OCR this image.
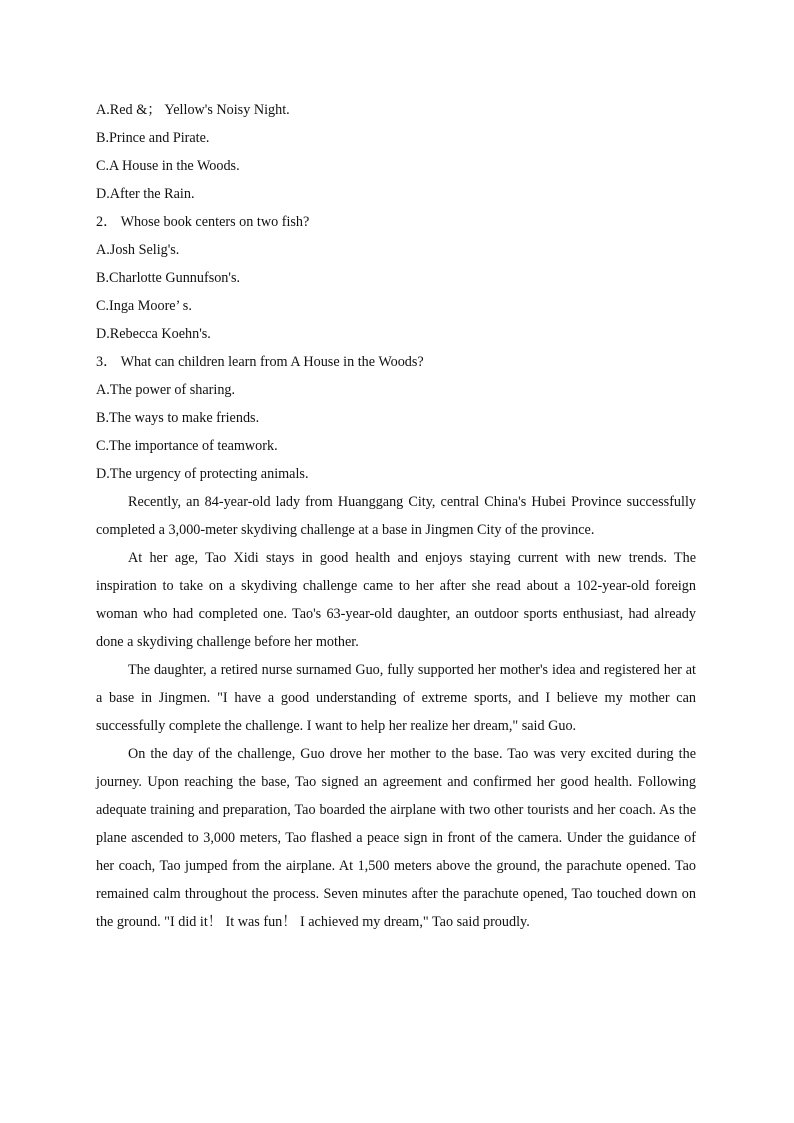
A.Red &； Yellow's Noisy Night.

B.Prince and Pirate.

C.A House in the Woods.

D.After the Rain.

2． Whose book centers on two fish?

A.Josh Selig's.

B.Charlotte Gunnufson's.

C.Inga Moore’ s.

D.Rebecca Koehn's.

3． What can children learn from A House in the Woods?

A.The power of sharing.

B.The ways to make friends.

C.The importance of teamwork.

D.The urgency of protecting animals.

Recently, an 84-year-old lady from Huanggang City, central China's Hubei Province successfully completed a 3,000-meter skydiving challenge at a base in Jingmen City of the province.

At her age, Tao Xidi stays in good health and enjoys staying current with new trends. The inspiration to take on a skydiving challenge came to her after she read about a 102-year-old foreign woman who had completed one. Tao's 63-year-old daughter, an outdoor sports enthusiast, had already done a skydiving challenge before her mother.

The daughter, a retired nurse surnamed Guo, fully supported her mother's idea and registered her at a base in Jingmen. "I have a good understanding of extreme sports, and I believe my mother can successfully complete the challenge. I want to help her realize her dream," said Guo.

On the day of the challenge, Guo drove her mother to the base. Tao was very excited during the journey. Upon reaching the base, Tao signed an agreement and confirmed her good health. Following adequate training and preparation, Tao boarded the airplane with two other tourists and her coach. As the plane ascended to 3,000 meters, Tao flashed a peace sign in front of the camera. Under the guidance of her coach, Tao jumped from the airplane. At 1,500 meters above the ground, the parachute opened. Tao remained calm throughout the process. Seven minutes after the parachute opened, Tao touched down on the ground. "I did it！ It was fun！ I achieved my dream," Tao said proudly.
